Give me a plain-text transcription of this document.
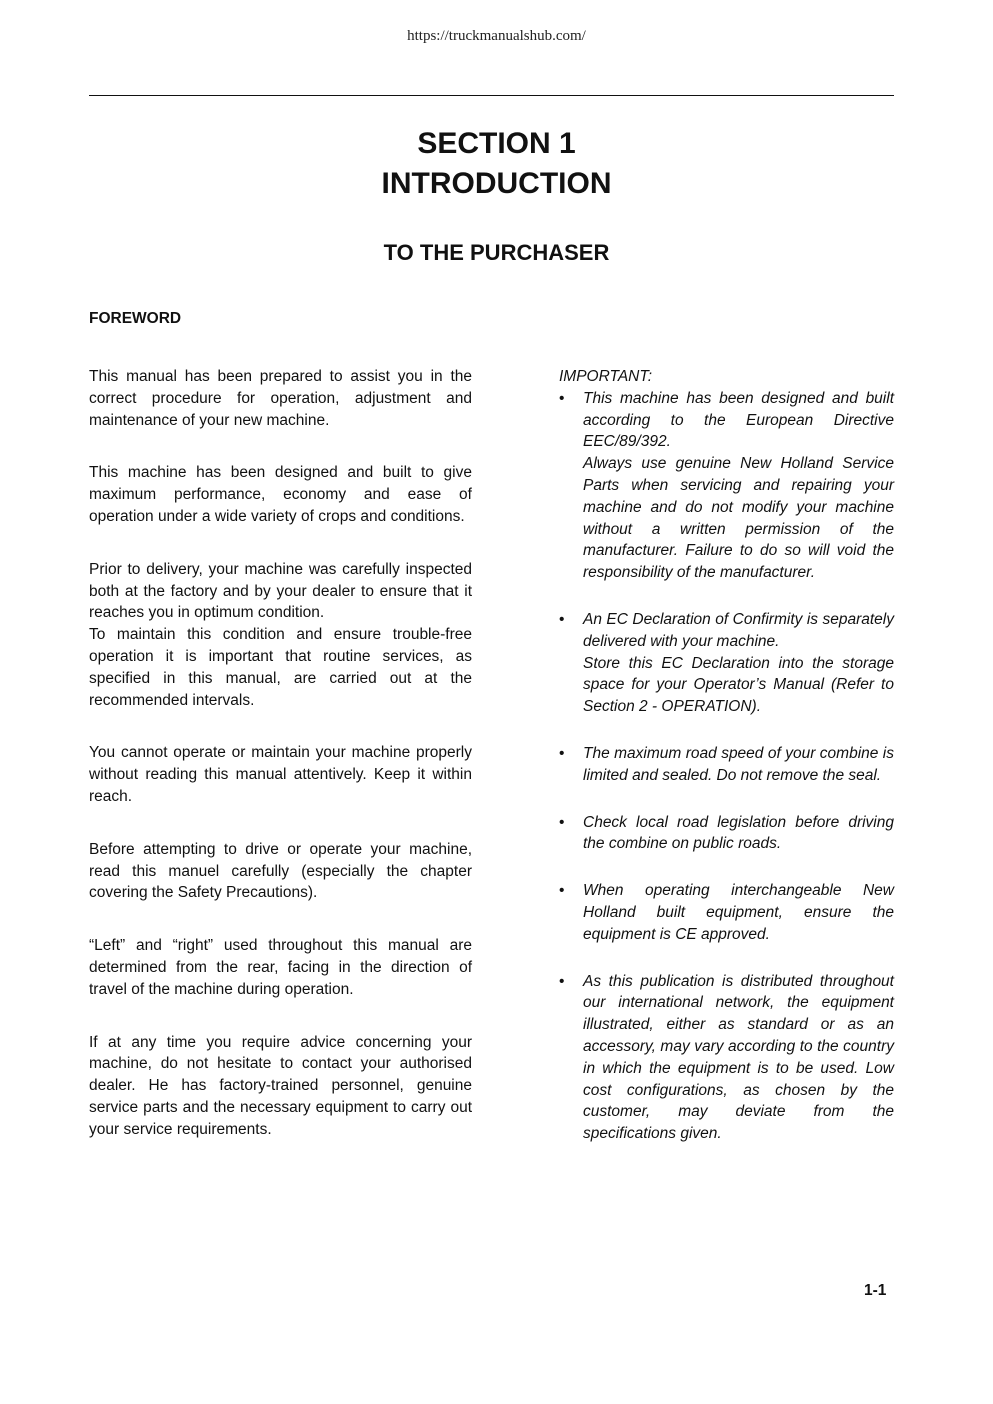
https://truckmanualshub.com/
SECTION 1
INTRODUCTION
TO THE PURCHASER
FOREWORD

This manual has been prepared to assist you in the correct procedure for operation, adjustment and maintenance of your new machine.

This machine has been designed and built to give maximum performance, economy and ease of operation under a wide variety of crops and conditions.

Prior to delivery, your machine was carefully inspected both at the factory and by your dealer to ensure that it reaches you in optimum condition.
To maintain this condition and ensure trouble-free operation it is important that routine services, as specified in this manual, are carried out at the recommended intervals.

You cannot operate or maintain your machine properly without reading this manual attentively. Keep it within reach.

Before attempting to drive or operate your machine, read this manuel carefully (especially the chapter covering the Safety Precautions).

“Left” and “right” used throughout this manual are determined from the rear, facing in the direction of travel of the machine during operation.

If at any time you require advice concerning your machine, do not hesitate to contact your authorised dealer. He has factory-trained personnel, genuine service parts and the necessary equipment to carry out your service requirements.

IMPORTANT:
• This machine has been designed and built according to the European Directive EEC/89/392.
Always use genuine New Holland Service Parts when servicing and repairing your machine and do not modify your machine without a written permission of the manufacturer. Failure to do so will void the responsibility of the manufacturer.
• An EC Declaration of Confirmity is separately delivered with your machine.
Store this EC Declaration into the storage space for your Operator’s Manual (Refer to Section 2 - OPERATION).
• The maximum road speed of your combine is limited and sealed. Do not remove the seal.
• Check local road legislation before driving the combine on public roads.
• When operating interchangeable New Holland built equipment, ensure the equipment is CE approved.
• As this publication is distributed throughout our international network, the equipment illustrated, either as standard or as an accessory, may vary according to the country in which the equipment is to be used. Low cost configurations, as chosen by the customer, may deviate from the specifications given.
1-1
